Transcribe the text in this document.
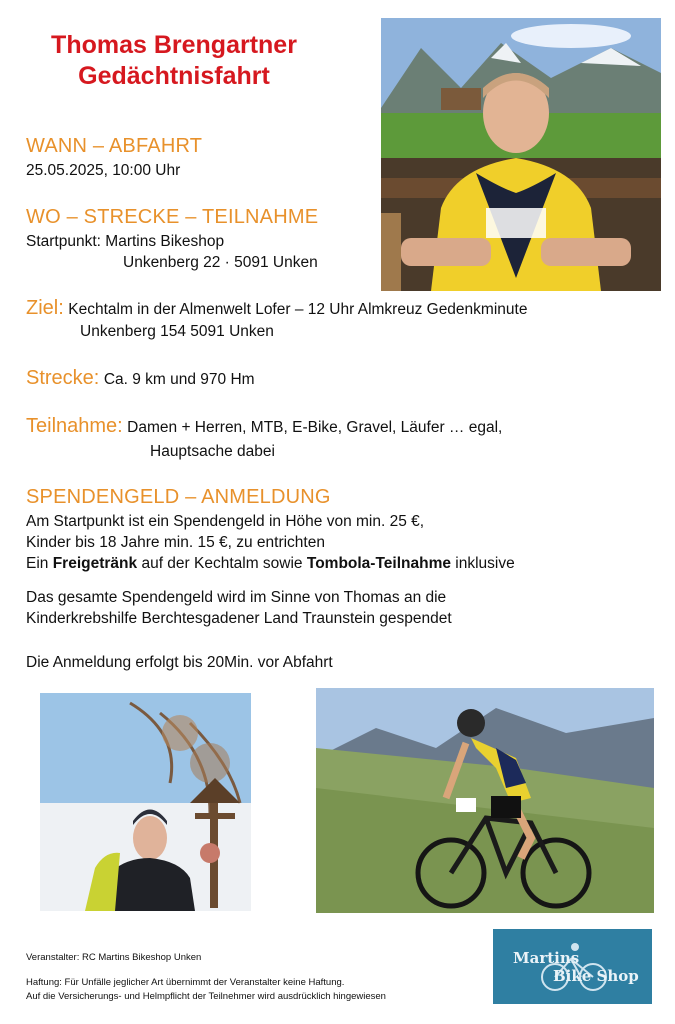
Thomas Brengartner
Gedächtnisfahrt
WANN – ABFAHRT
25.05.2025, 10:00 Uhr
WO – STRECKE – TEILNAHME
Startpunkt: Martins Bikeshop
Unkenberg 22 · 5091 Unken
Ziel: Kechtalm in der Almenwelt Lofer – 12 Uhr Almkreuz Gedenkminute
Unkenberg 154 5091 Unken
Strecke: Ca. 9 km und 970 Hm
Teilnahme: Damen + Herren, MTB, E-Bike, Gravel, Läufer … egal,
Hauptsache dabei
SPENDENGELD – ANMELDUNG
Am Startpunkt ist ein Spendengeld in Höhe von min. 25 €,
Kinder bis 18 Jahre min. 15 €, zu entrichten
Ein Freigetränk auf der Kechtalm sowie Tombola-Teilnahme inklusive
Das gesamte Spendengeld wird im Sinne von Thomas an die
Kinderkrebshilfe Berchtesgadener Land Traunstein gespendet
Die Anmeldung erfolgt bis 20Min. vor Abfahrt
Veranstalter: RC Martins Bikeshop Unken
Haftung: Für Unfälle jeglicher Art übernimmt der Veranstalter keine Haftung.
Auf die Versicherungs- und Helmpflicht der Teilnehmer wird ausdrücklich hingewiesen
Martins
Bike Shop
